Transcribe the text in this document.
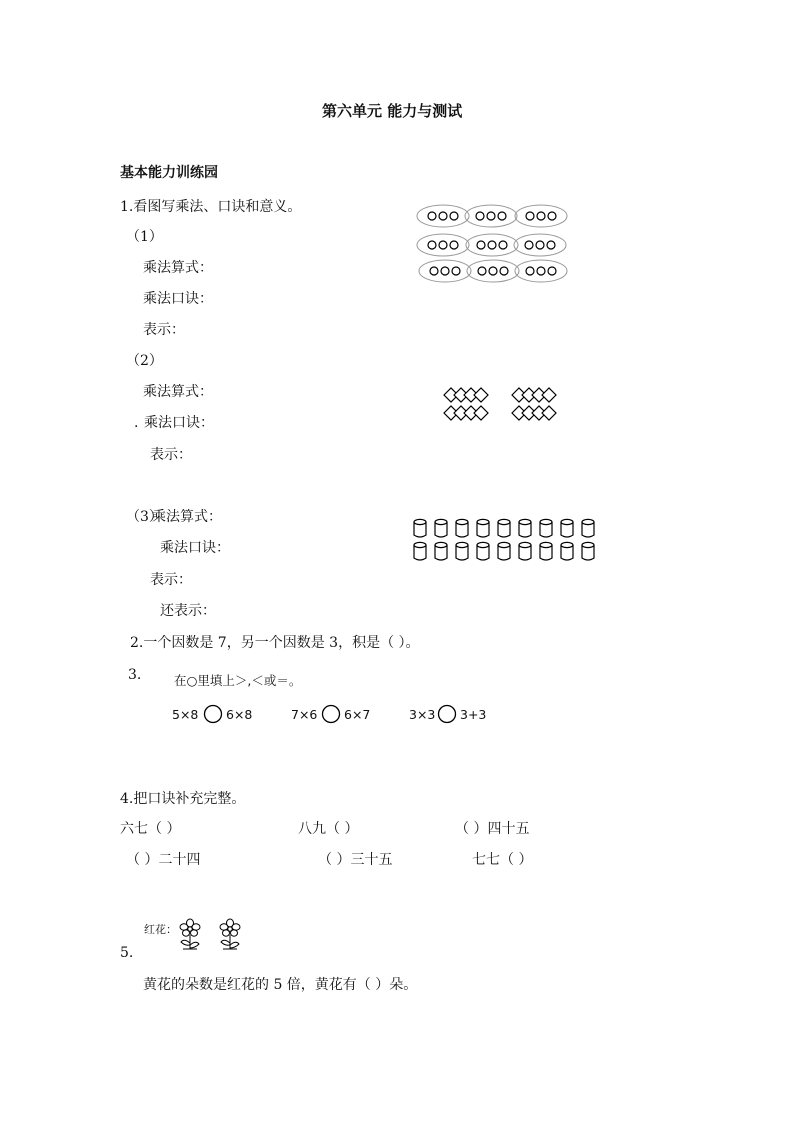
第六单元 能力与测试
基本能力训练园
1.看图写乘法、口诀和意义。
（1）
乘法算式：
乘法口诀：
表示：
（2）
乘法算式：
. 乘法口诀：
表示：
（3）
乘法算式：
乘法口诀：
表示：
还表示：
2.一个因数是 7，另一个因数是 3，积是（ ）。
3.	在○里填上＞,＜或＝。
5×8 6×8	7×6 6×7	3×3 3+3
4.把口诀补充完整。
六七（ ）	八九（ ）	（ ）四十五
（ ）二十四	（ ）三十五	七七（ ）
红花：
5.
黄花的朵数是红花的 5 倍，黄花有（ ）朵。
